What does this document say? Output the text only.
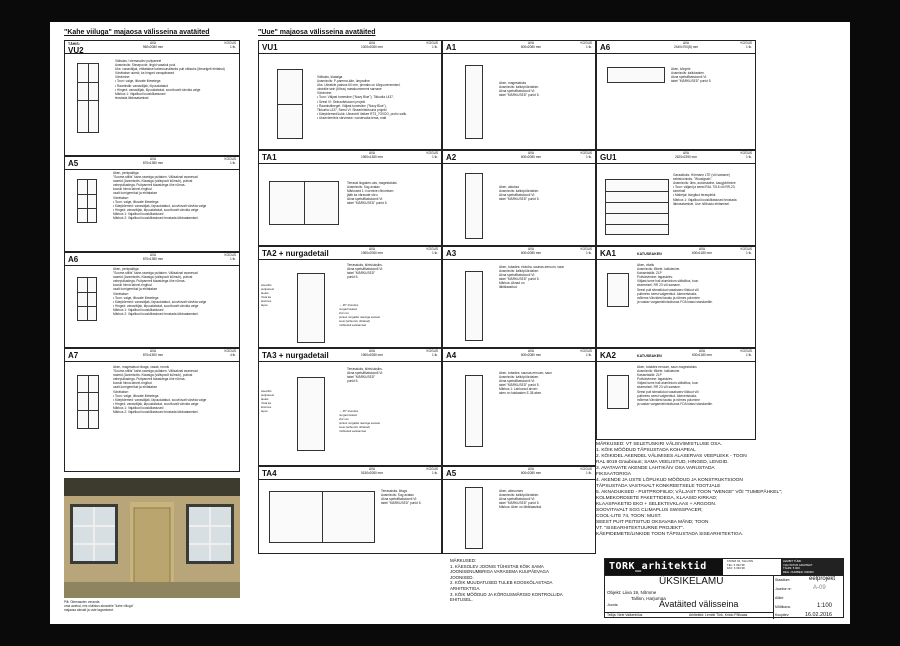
"Kahe viiluga" majaosa välisseina avatäited	"Uue" majaosa välisseina avatäited
TÄHIS:
VU2
AVA
960x2080 mm
KOGUS
1 tk.
Välisuks / olemasolev puitpaneel
Avamisviis: Sissepoole, lingid vasakul pool.
Uks: vanaväljak, ehitatakse kahesuunaliseks puit välisuks (ilmselgelt ehitatud)
Värvitakse uuesti, ka hinged vanapärased
Värvimine:
• Toon: valge, liituvate liitmetega
• Raamistik: vanaväljak, lõpuudatatud
• Hinged: vanaväljak, lõpuudatatud, sooviluvalt värvida valge
Märkus 1: Vajalikud kooskõlastused
teostada läbivaatamisel.
A5	AVA
870x1380 mm
KOGUS
1 tk.
Aken, pentpaktiga
"Soome-stiilis" kahe-raamiga puitaken. Välisaknal avanevad
raamid (Avamisviis: Klaasiga (välispoolt külmub), puitust
vahepulkadega. Puitpaneeli klaasidega ühe rühma-
kooski hinna tahvel-ringitud
osalt korrigeeritud ja ehitatakse
Värvitakse:
• Toon: valge, liituvate liitmetega
• Käepidemed: vanaväljak, läpuudatatud, sooviluvalt värvida valge
• Hinged: vanaväljak, läpuudatatud, sooviluvalt värvida valge
Märkus 1: Vajalikud kooskõlastused
Märkus 2: Vajalikud kooskõlastused teostada läbivaatamisel.
A6	AVA
870x1380 mm
KOGUS
1 tk.
Aken, pentpaktiga
"Soome-stiilis" kahe-raamiga puitaken. Välisaknal avanevad
raamid (Avamisviis: Klaasiga (välispoolt külmub), puitust
vahepulkadega. Puitpaneeli klaasidega ühe rühma-
kooski hinna tahvel-ringitud
osalt korrigeeritud ja ehitatakse
Värvitakse:
• Toon: valge, liituvate liitmetega
• Käepidemed: vanaväljak, läpuudatatud, sooviluvalt värvida valge
• Hinged: vanaväljak, läpuudatatud, sooviluvalt värvida valge
Märkus 1: Vajalikud kooskõlastused
Märkus 2: Vajalikud kooskõlastused teostada läbivaatamisel.
A7	AVA
870x1500 mm
KOGUS
4 tk.
Aken, magestatud ribaga, vasak, reunis
"Soome-stiilis" kahe-raamiga puitaken. Välisaknal avanevad
raamid (Avamisviis: Klaasiga (välispoolt külmub), puitust
vahepulkadega. Puitpaneeli klaasidega ühe rühma-
kooski hinna tahvel-ringitud
osalt korrigeeritud ja ehitatakse
Värvitakse:
• Toon: valge, liituvate liitmetega
• Käepidemed: vanaväljak, läpuudatatud, sooviluvalt värvida valge
• Hinged: vanaväljak, läpuudatatud, sooviluvalt värvida valge
Märkus 1: Vajalikud kooskõlastused
Märkus 2: Vajalikud kooskõlastused teostada läbivaatamisel.
Pilt: Olemasolev veranda
oma avatud, mis olulistus aknadele "kahe viiluga"
majaosa aknaid ja uste tagamisest.
VU1	AVA
1000x2080 mm
KOGUS
1 tk.
Välisuks, klaasiga
Avamisviis: P-parema-käe, ümpadine
Uks: Uksekile paksus 60 mm, pinnaks on kõrguurenemisel,
uksekile sein (tõhus) masskommenni sarnane
Värvimine:
• Toon: Väljast tumesiine ("Navy Blue"), Tikkurila L437,
• Seest VI: Seinavärtsiooni projekt
• Raamistikregel: Väljast tumesiine ("Navy Blue"),
Tikkurila L437, Seest VI: Sisearhitektuuria projekt
• Käepidemed/Lukk: Ukseohtt Valkee RT3_7O0OO, prohv-valik.
• Ukseviemilvis värvimine: roostevaba teras, matt
TA1	AVA
1960x1380 mm
KOGUS
1 tk.
Terrassi liugaken-uks, magestatuks
Avamisviis: Sug avatav.
Märkused 1: Ivormine rõhumisen
jääb ka väravate sõru
Akna spetsifikatsioonil VI:
tabel "MÄRKUSED" punkt 5.
TA2 + nurgadetail	AVA
1960x2080 mm
KOGUS
1 tk.
sisevilist
puitpaneel
lauast
rhvta ka
küsimus
lapus
Terrassiuks, kiirkviuksiks.
Akna spetsifikatsioonil VI:
tabel "MÄRKUSED"
punkt 5.
→ 45° ühendus
nurgad üsatud
2x2 mm
puitust nurgaliist raamiga samast
toosi (tarbemitt, ühitatud)
mõõtudelt eelstamisel
TA3 + nurgadetail	AVA
1960x2080 mm
KOGUS
1 tk.
sisevilist
puitpaneel
lauast
rhvta ka
küsimus
lapus
Terrassiuks, kiirkviuksiks.
Akna spetsifikatsioonil VI:
tabel "MÄRKUSED"
punkt 5.
→ 45° ühendus
nurgad üsatud
2x2 mm
puitust nurgaliist raamiga samast
toosi (tarbemitt, ühitatud)
mõõtudelt eelstamisel
TA4	AVA
5150x2080 mm
KOGUS
1 tk.
Terrassiuks, liitugs
Avamisviis: Sug avatav.
Akna spetsifikatsioonil VI:
tabel "MÄRKUSED" punkt 5.
A1	AVA
600x2080 mm
KOGUS
1 tk.
Aken, magestatuks
Avamisviis: kallutpöördaken.
Akna spetsifikatsioonil VI:
tabel "MÄRKUSED" punkt 5.
A2	AVA
600x2080 mm
KOGUS
1 tk.
Aken, aiduksa
Avamisviis: kallutpöördaken.
Akna spetsifikatsioonil VI:
tabel "MÄRKUSED" punkt 5.
A3	AVA
600x2080 mm
KOGUS
1 tk.
Aken, tubades: elutuba, saunas-eeruum, saun
Avamisviis: kallutpöördaken.
Akna spetsifikatsioonil VI:
tabel "MÄRKUSED" punkt 5.
Märkus: Aknad on
läbiklaasitud.
A4	AVA
600x2080 mm
KOGUS
1 tk.
Aken, tubades: saunas-eeruum, saun
Avamisviis: kallutpöördaken.
Akna spetsifikatsioonil VI:
tabel "MÄRKUSED" punkt 5.
Märkus 1: Lahkunud ahven
aken on kaldaaken E-38 aken.
A5	AVA
600x2080 mm
KOGUS
1 tk.
Aken, abiruumes
Avamisviis: kallutpöördaken.
Akna spetsifikatsioonil VI:
tabel "MÄRKUSED" punkt 5.
Märkus: Aken on läbiklaasitud.
A6	AVA
2440x700(8) mm
KOGUS
1 tk.
Aken, kõrgele
Avamisviis: kallutaaken.
Akna spetsifikatsioonil VI:
tabel "MÄRKUSED" punkt 5.
GU1	AVA
2620x2390 mm
KOGUS
1 tk.
Garaažiuks: Hörmann LTE (või samane)
sektsiooniuks, "Woodgrain".
Avamisviis: üles, automaatne, kaugjuhtimine
• Toon: väljast ja seest RAL 7016 või RR-23,
tumehall
• Materjal: tsingitud terasplekk
Märkus 1: Vajalikud kooskõlastused teostada
läbivaatamisel. Uue hõlbustu ehitamisel.
KA1	KATUSEAKEN
AVA
600x1180 mm
KOGUS
1 tk.
Aken, vitalis
Avamisviis: tõkete, kallutavine.
Katusetakiik: ZLP
Puitvärvimine: tagasiolev.
Väljast tume hall alumiinium-välisliitus, toon
sisemeisel, RR 23 või samane.
Seest puit sitmalüdud vasakvaev lõiduut või
puitmeeu seest valgeeritud. Akeneristusta-
mõlema Värvidest taustu ja rütmes polomine
ja vastav vargamist/nisdkuvas FOA kiassi standardile.
KA2	KATUSEAKEN
AVA
600x1180 mm
KOGUS
1 tk.
Aken, tubades eeruum, saun magestatuks
Avamisviis: tõkete, kallutavine.
Katusetakiik: ZLP
Puitvärvimine: tagasiolev.
Väljast tume hall alumiinium-välisliitus, toon
sisemeisel, RR 23 või samane.
Seest puit sitmalüdud vasakvaev lõiduut või
puitmeeu seest valgeeritud. Akeneristusta-
mõlema Värvidest taustu ja rütmes polomine
ja vastav vargamist/nisdkuvas FOA kiassi standardile.
MÄRKUSED: VT SELETUSKIRI VÄLISVIIMISTLUSE OSA.
1. KÕIK MÕÕDUD TÄPSUSTADA KOHAPEAL
2. KÕIKIDEL AKENDEL VÄLIMISES ALASERVAS VEEPLEKK - TOON
RAL 8019 Graubraun; SAMA VEELISTUD, HINGED, LENGID.
3. AVATAVATE AKENDE LAHTIKÄIV OSA VARUSTADA
FIKSAATORIGA
4. AKENDE JA USTE LÕPLIKUD MÕÕDUD JA KONSTRUKTSIOON
TÄPSUSTADA VASTAVALT KONKREETSELE TOOTJALE
5. AKNADUKSED - PUITPROFIILID; VÄLJAST TOON "WENGE" VÕI "TUMEPÄHKEL";
KOLMEKORDSETE PAKETTIDEGA, KLAASID KIRKAD;
KLAASPAKETID EKO + SELEKTIIVKLAAS + ARGOON.
SOOVITAVALT SGG CLIMAPLUS SWISSPACER;
COOL-LITE 74, TOON: MUST.
SEEST PUIT PEITSITUD OKSAVABA MÄND; TOON
VT. "SISEARHITEKTUURNE PROJEKT".
KÄEPIDEMETE/LINKIDE TOON TÄPSUSTADA SISEARHITEKTIGA.
MÄRKUSED:
1. KÄESOLEV JOONIS TÜHISTAB KÕIK SAMA
JOONISENUMBRIGA VARASEMA KUUPÄEVAGA
JOONISED.
2. KÕIK MUUDATUSED TULEB KOOSKÕLASTADA
ARHITEKTIGA.
3. KÕIK MÕÕDUD JA KÕRGUSMÄRGID KONTROLLIDA
EHITUSEL.
TORK_arhitektid	TATARI 64, TALLINN
TEL: 6 394 98
FAX: 6 394 98
LEMBIT TÜRK
VOLITATUD ARHITEKT
TÄHIS: 5 000
REG. NUMBER: 000000
ÜKSIKELAMU
Objekt: Liiva 19, Nõmme
Tallinn, Harjumaa
Joonis:	Avatäited välisseina
Tellija: Nele Valkenhilus	Arhitektid: Lembit Türk, Kristo Põlluaas
Staadium:	eelprojekt
Joonise nr:	A-09
Allkiri:
Mõõtkava:	1:100
Kuupäev:	16.02.2016
